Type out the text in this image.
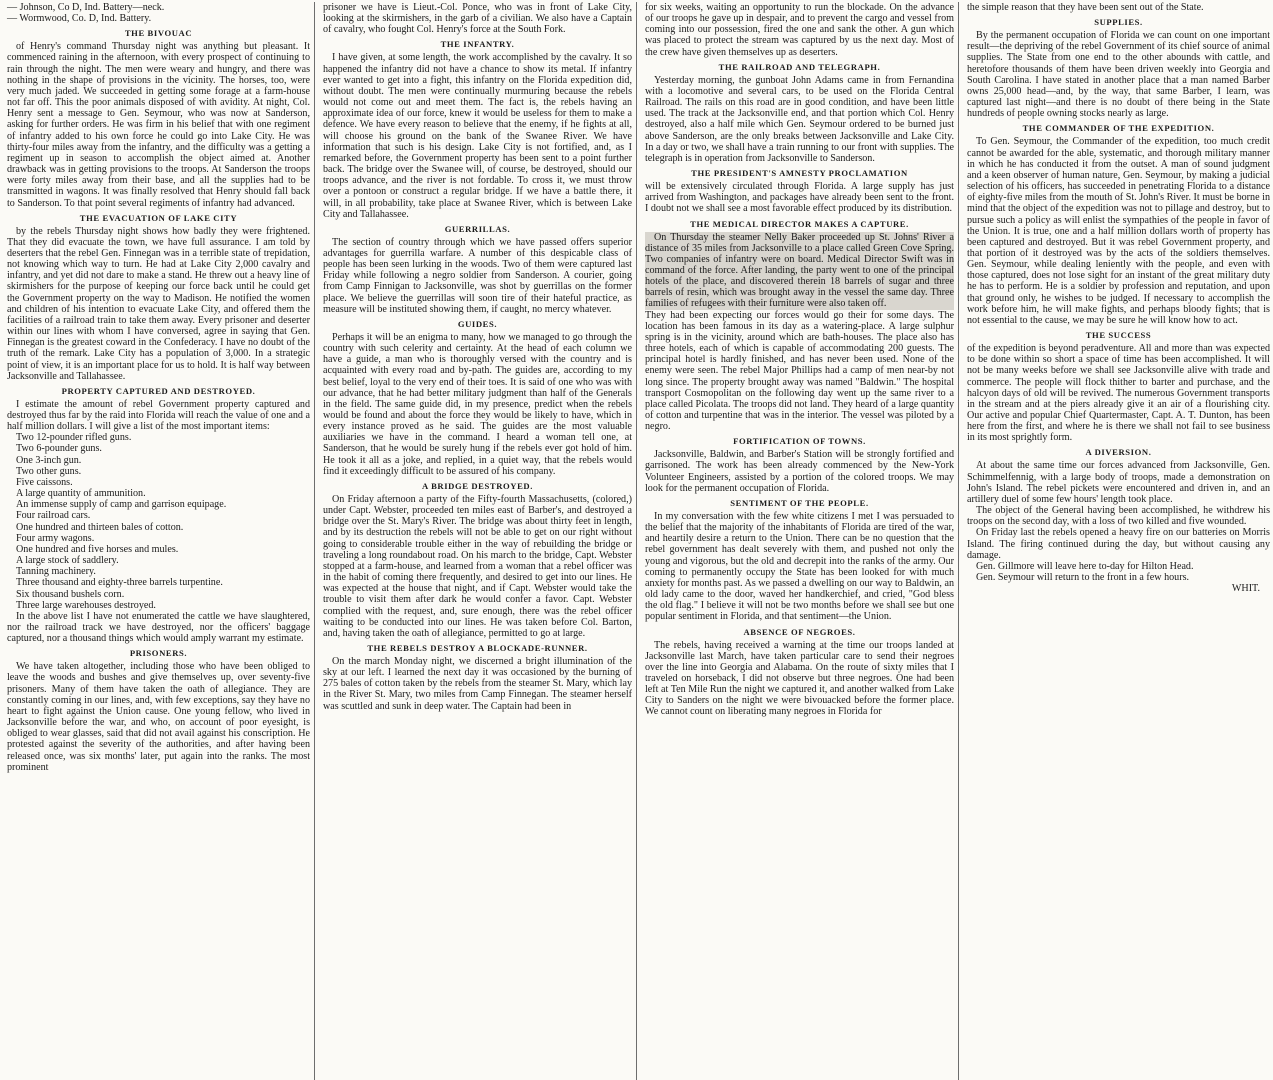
— Johnson, Co D, Ind. Battery—neck.
— Wormwood, Co. D, Ind. Battery.
THE BIVOUAC

of Henry's command Thursday night was anything but pleasant. It commenced raining in the afternoon, with every prospect of continuing to rain through the night. The men were weary and hungry, and there was nothing in the shape of provisions in the vicinity. The horses, too, were very much jaded. We succeeded in getting some forage at a farm-house not far off. This the poor animals disposed of with avidity. At night, Col. Henry sent a message to Gen. Seymour, who was now at Sanderson, asking for further orders. He was firm in his belief that with one regiment of infantry added to his own force he could go into Lake City. He was thirty-four miles away from the infantry, and the difficulty was a getting a regiment up in season to accomplish the object aimed at. Another drawback was in getting provisions to the troops. At Sanderson the troops were forty miles away from their base, and all the supplies had to be transmitted in wagons. It was finally resolved that Henry should fall back to Sanderson. To that point several regiments of infantry had advanced.

THE EVACUATION OF LAKE CITY

by the rebels Thursday night shows how badly they were frightened. That they did evacuate the town, we have full assurance. I am told by deserters that the rebel Gen. Finnegan was in a terrible state of trepidation, not knowing which way to turn. He had at Lake City 2,000 cavalry and infantry, and yet did not dare to make a stand. He threw out a heavy line of skirmishers for the purpose of keeping our force back until he could get the Government property on the way to Madison. He notified the women and children of his intention to evacuate Lake City, and offered them the facilities of a railroad train to take them away. Every prisoner and deserter within our lines with whom I have conversed, agree in saying that Gen. Finnegan is the greatest coward in the Confederacy. I have no doubt of the truth of the remark. Lake City has a population of 3,000. In a strategic point of view, it is an important place for us to hold. It is half way between Jacksonville and Tallahassee.

PROPERTY CAPTURED AND DESTROYED.

I estimate the amount of rebel Government property captured and destroyed thus far by the raid into Florida will reach the value of one and a half million dollars. I will give a list of the most important items:

Two 12-pounder rifled guns.
Two 6-pounder guns.
One 3-inch gun.
Two other guns.
Five caissons.
A large quantity of ammunition.
An immense supply of camp and garrison equipage.
Four railroad cars.
One hundred and thirteen bales of cotton.
Four army wagons.
One hundred and five horses and mules.
A large stock of saddlery.
Tanning machinery.
Three thousand and eighty-three barrels turpentine.
Six thousand bushels corn.
Three large warehouses destroyed.

In the above list I have not enumerated the cattle we have slaughtered, nor the railroad track we have destroyed, nor the officers' baggage captured, nor a thousand things which would amply warrant my estimate.

PRISONERS.

We have taken altogether, including those who have been obliged to leave the woods and bushes and give themselves up, over seventy-five prisoners. Many of them have taken the oath of allegiance. They are constantly coming in our lines, and, with few exceptions, say they have no heart to fight against the Union cause. One young fellow, who lived in Jacksonville before the war, and who, on account of poor eyesight, is obliged to wear glasses, said that did not avail against his conscription. He protested against the severity of the authorities, and after having been released once, was six months' later, put again into the ranks. The most prominent

prisoner we have is Lieut.-Col. Ponce, who was in front of Lake City, looking at the skirmishers, in the garb of a civilian. We also have a Captain of cavalry, who fought Col. Henry's force at the South Fork.

THE INFANTRY.

I have given, at some length, the work accomplished by the cavalry. It so happened the infantry did not have a chance to show its metal. If infantry ever wanted to get into a fight, this infantry on the Florida expedition did, without doubt. The men were continually murmuring because the rebels would not come out and meet them. The fact is, the rebels having an approximate idea of our force, knew it would be useless for them to make a defence. We have every reason to believe that the enemy, if he fights at all, will choose his ground on the bank of the Swanee River. We have information that such is his design. Lake City is not fortified, and, as I remarked before, the Government property has been sent to a point further back. The bridge over the Swanee will, of course, be destroyed, should our troops advance, and the river is not fordable. To cross it, we must throw over a pontoon or construct a regular bridge. If we have a battle there, it will, in all probability, take place at Swanee River, which is between Lake City and Tallahassee.

GUERRILLAS.

The section of country through which we have passed offers superior advantages for guerrilla warfare. A number of this despicable class of people has been seen lurking in the woods. Two of them were captured last Friday while following a negro soldier from Sanderson. A courier, going from Camp Finnigan to Jacksonville, was shot by guerrillas on the former place. We believe the guerrillas will soon tire of their hateful practice, as measure will be instituted showing them, if caught, no mercy whatever.

GUIDES.

Perhaps it will be an enigma to many, how we managed to go through the country with such celerity and certainty. At the head of each column we have a guide, a man who is thoroughly versed with the country and is acquainted with every road and by-path. The guides are, according to my best belief, loyal to the very end of their toes. It is said of one who was with our advance, that he had better military judgment than half of the Generals in the field. The same guide did, in my presence, predict when the rebels would be found and about the force they would be likely to have, which in every instance proved as he said. The guides are the most valuable auxiliaries we have in the command. I heard a woman tell one, at Sanderson, that he would be surely hung if the rebels ever got hold of him. He took it all as a joke, and replied, in a quiet way, that the rebels would find it exceedingly difficult to be assured of his company.

A BRIDGE DESTROYED.

On Friday afternoon a party of the Fifty-fourth Massachusetts, (colored,) under Capt. Webster, proceeded ten miles east of Barber's, and destroyed a bridge over the St. Mary's River. The bridge was about thirty feet in length, and by its destruction the rebels will not be able to get on our right without going to considerable trouble either in the way of rebuilding the bridge or traveling a long roundabout road. On his march to the bridge, Capt. Webster stopped at a farm-house, and learned from a woman that a rebel officer was in the habit of coming there frequently, and desired to get into our lines. He was expected at the house that night, and if Capt. Webster would take the trouble to visit them after dark he would confer a favor. Capt. Webster complied with the request, and, sure enough, there was the rebel officer waiting to be conducted into our lines. He was taken before Col. Barton, and, having taken the oath of allegiance, permitted to go at large.

THE REBELS DESTROY A BLOCKADE-RUNNER.

On the march Monday night, we discerned a bright illumination of the sky at our left. I learned the next day it was occasioned by the burning of 275 bales of cotton taken by the rebels from the steamer St. Mary, which lay in the River St. Mary, two miles from Camp Finnegan. The steamer herself was scuttled and sunk in deep water. The Captain had been in

for six weeks, waiting an opportunity to run the blockade. On the advance of our troops he gave up in despair, and to prevent the cargo and vessel from coming into our possession, fired the one and sank the other. A gun which was placed to protect the stream was captured by us the next day. Most of the crew have given themselves up as deserters.

THE RAILROAD AND TELEGRAPH.

Yesterday morning, the gunboat John Adams came in from Fernandina with a locomotive and several cars, to be used on the Florida Central Railroad. The rails on this road are in good condition, and have been little used. The track at the Jacksonville end, and that portion which Col. Henry destroyed, also a half mile which Gen. Seymour ordered to be burned just above Sanderson, are the only breaks between Jacksonville and Lake City. In a day or two, we shall have a train running to our front with supplies. The telegraph is in operation from Jacksonville to Sanderson.

THE PRESIDENT'S AMNESTY PROCLAMATION

will be extensively circulated through Florida. A large supply has just arrived from Washington, and packages have already been sent to the front. I doubt not we shall see a most favorable effect produced by its distribution.

THE MEDICAL DIRECTOR MAKES A CAPTURE.

On Thursday the steamer Nelly Baker proceeded up St. Johns' River a distance of 35 miles from Jacksonville to a place called Green Cove Spring. Two companies of infantry were on board. Medical Director Swift was in command of the force. After landing, the party went to one of the principal hotels of the place, and discovered therein 18 barrels of sugar and three barrels of resin, which was brought away in the vessel the same day. Three families of refugees with their furniture were also taken off.

They had been expecting our forces would go their for some days. The location has been famous in its day as a watering-place. A large sulphur spring is in the vicinity, around which are bath-houses. The place also has three hotels, each of which is capable of accommodating 200 guests. The principal hotel is hardly finished, and has never been used. None of the enemy were seen. The rebel Major Phillips had a camp of men near-by not long since. The property brought away was named "Baldwin." The hospital transport Cosmopolitan on the following day went up the same river to a place called Picolata. The troops did not land. They heard of a large quantity of cotton and turpentine that was in the interior. The vessel was piloted by a negro.

FORTIFICATION OF TOWNS.

Jacksonville, Baldwin, and Barber's Station will be strongly fortified and garrisoned. The work has been already commenced by the New-York Volunteer Engineers, assisted by a portion of the colored troops. We may look for the permanent occupation of Florida.

SENTIMENT OF THE PEOPLE.

In my conversation with the few white citizens I met I was persuaded to the belief that the majority of the inhabitants of Florida are tired of the war, and heartily desire a return to the Union. There can be no question that the rebel government has dealt severely with them, and pushed not only the young and vigorous, but the old and decrepit into the ranks of the army. Our coming to permanently occupy the State has been looked for with much anxiety for months past. As we passed a dwelling on our way to Baldwin, an old lady came to the door, waved her handkerchief, and cried, "God bless the old flag." I believe it will not be two months before we shall see but one popular sentiment in Florida, and that sentiment—the Union.

ABSENCE OF NEGROES.

The rebels, having received a warning at the time our troops landed at Jacksonville last March, have taken particular care to send their negroes over the line into Georgia and Alabama. On the route of sixty miles that I traveled on horseback, I did not observe but three negroes. One had been left at Ten Mile Run the night we captured it, and another walked from Lake City to Sanders on the night we were bivouacked before the former place. We cannot count on liberating many negroes in Florida for

the simple reason that they have been sent out of the State.

SUPPLIES.

By the permanent occupation of Florida we can count on one important result—the depriving of the rebel Government of its chief source of animal supplies. The State from one end to the other abounds with cattle, and heretofore thousands of them have been driven weekly into Georgia and South Carolina. I have stated in another place that a man named Barber owns 25,000 head—and, by the way, that same Barber, I learn, was captured last night—and there is no doubt of there being in the State hundreds of people owning stocks nearly as large.

THE COMMANDER OF THE EXPEDITION.

To Gen. Seymour, the Commander of the expedition, too much credit cannot be awarded for the able, systematic, and thorough military manner in which he has conducted it from the outset. A man of sound judgment and a keen observer of human nature, Gen. Seymour, by making a judicial selection of his officers, has succeeded in penetrating Florida to a distance of eighty-five miles from the mouth of St. John's River. It must be borne in mind that the object of the expedition was not to pillage and destroy, but to pursue such a policy as will enlist the sympathies of the people in favor of the Union. It is true, one and a half million dollars worth of property has been captured and destroyed. But it was rebel Government property, and that portion of it destroyed was by the acts of the soldiers themselves. Gen. Seymour, while dealing leniently with the people, and even with those captured, does not lose sight for an instant of the great military duty he has to perform. He is a soldier by profession and reputation, and upon that ground only, he wishes to be judged. If necessary to accomplish the work before him, he will make fights, and perhaps bloody fights; that is not essential to the cause, we may be sure he will know how to act.

THE SUCCESS

of the expedition is beyond peradventure. All and more than was expected to be done within so short a space of time has been accomplished. It will not be many weeks before we shall see Jacksonville alive with trade and commerce. The people will flock thither to barter and purchase, and the halcyon days of old will be revived. The numerous Government transports in the stream and at the piers already give it an air of a flourishing city. Our active and popular Chief Quartermaster, Capt. A. T. Dunton, has been here from the first, and where he is there we shall not fail to see business in its most sprightly form.

A DIVERSION.

At about the same time our forces advanced from Jacksonville, Gen. Schimmelfennig, with a large body of troops, made a demonstration on John's Island. The rebel pickets were encountered and driven in, and an artillery duel of some few hours' length took place.

The object of the General having been accomplished, he withdrew his troops on the second day, with a loss of two killed and five wounded.

On Friday last the rebels opened a heavy fire on our batteries on Morris Island. The firing continued during the day, but without causing any damage.

Gen. Gillmore will leave here to-day for Hilton Head.

Gen. Seymour will return to the front in a few hours.

WHIT.
